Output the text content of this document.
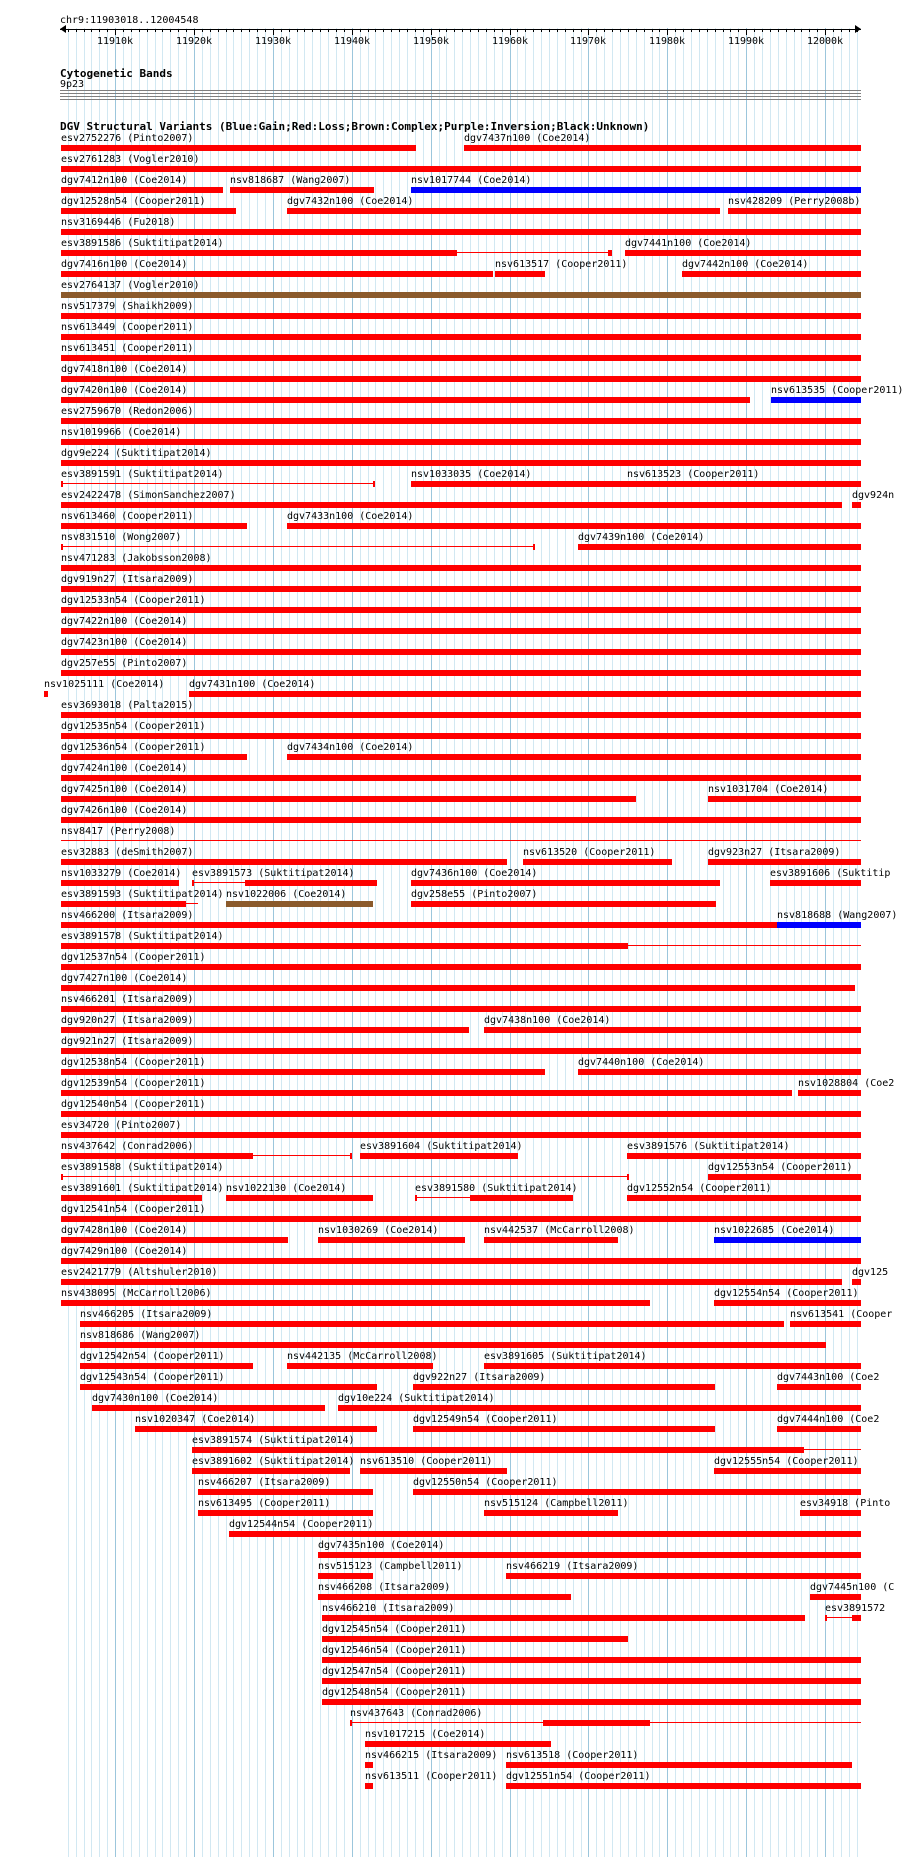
chr9:11903018..12004548
11910k	11920k	11930k	11940k	11950k	11960k	11970k	11980k	11990k	12000k
Cytogenetic Bands
9p23
DGV Structural Variants (Blue:Gain;Red:Loss;Brown:Complex;Purple:Inversion;Black:Unknown)
esv2752276 (Pinto2007)	dgv7437n100 (Coe2014)
esv2761283 (Vogler2010)
dgv7412n100 (Coe2014)	nsv818687 (Wang2007)	nsv1017744 (Coe2014)
dgv12528n54 (Cooper2011)	dgv7432n100 (Coe2014)	nsv428209 (Perry2008b)
nsv3169446 (Fu2018)
esv3891586 (Suktitipat2014)	dgv7441n100 (Coe2014)
dgv7416n100 (Coe2014)	nsv613517 (Cooper2011)	dgv7442n100 (Coe2014)
esv2764137 (Vogler2010)
nsv517379 (Shaikh2009)
nsv613449 (Cooper2011)
nsv613451 (Cooper2011)
dgv7418n100 (Coe2014)
dgv7420n100 (Coe2014)	nsv613535 (Cooper2011)
esv2759670 (Redon2006)
nsv1019966 (Coe2014)
dgv9e224 (Suktitipat2014)
esv3891591 (Suktitipat2014)	nsv1033035 (Coe2014)	nsv613523 (Cooper2011)
esv2422478 (SimonSanchez2007)	dgv924n
nsv613460 (Cooper2011)	dgv7433n100 (Coe2014)
nsv831510 (Wong2007)	dgv7439n100 (Coe2014)
nsv471283 (Jakobsson2008)
dgv919n27 (Itsara2009)
dgv12533n54 (Cooper2011)
dgv7422n100 (Coe2014)
dgv7423n100 (Coe2014)
dgv257e55 (Pinto2007)
nsv1025111 (Coe2014) dgv7431n100 (Coe2014)
esv3693018 (Palta2015)
dgv12535n54 (Cooper2011)
dgv12536n54 (Cooper2011)	dgv7434n100 (Coe2014)
dgv7424n100 (Coe2014)
dgv7425n100 (Coe2014)	nsv1031704 (Coe2014)
dgv7426n100 (Coe2014)
nsv8417 (Perry2008)
esv32883 (deSmith2007)	nsv613520 (Cooper2011)	dgv923n27 (Itsara2009)
nsv1033279 (Coe2014) esv3891573 (Suktitipat2014)	dgv7436n100 (Coe2014)	esv3891606 (Suktitip
esv3891593 (Suktitipat2014) nsv1022006 (Coe2014)	dgv258e55 (Pinto2007)
nsv466200 (Itsara2009)	nsv818688 (Wang2007)
esv3891578 (Suktitipat2014)
dgv12537n54 (Cooper2011)
dgv7427n100 (Coe2014)
nsv466201 (Itsara2009)
dgv920n27 (Itsara2009)	dgv7438n100 (Coe2014)
dgv921n27 (Itsara2009)
dgv12538n54 (Cooper2011)	dgv7440n100 (Coe2014)
dgv12539n54 (Cooper2011)	nsv1028804 (Coe2
dgv12540n54 (Cooper2011)
esv34720 (Pinto2007)
nsv437642 (Conrad2006)	esv3891604 (Suktitipat2014)	esv3891576 (Suktitipat2014)
esv3891588 (Suktitipat2014)	dgv12553n54 (Cooper2011)
esv3891601 (Suktitipat2014) nsv1022130 (Coe2014)	esv3891580 (Suktitipat2014)	dgv12552n54 (Cooper2011)
dgv12541n54 (Cooper2011)
dgv7428n100 (Coe2014)	nsv1030269 (Coe2014)	nsv442537 (McCarroll2008)	nsv1022685 (Coe2014)
dgv7429n100 (Coe2014)
esv2421779 (Altshuler2010)	dgv125
nsv438095 (McCarroll2006)	dgv12554n54 (Cooper2011)
nsv466205 (Itsara2009)	nsv613541 (Cooper
nsv818686 (Wang2007)
dgv12542n54 (Cooper2011)	nsv442135 (McCarroll2008)	esv3891605 (Suktitipat2014)
dgv12543n54 (Cooper2011)	dgv922n27 (Itsara2009)	dgv7443n100 (Coe2
dgv7430n100 (Coe2014)	dgv10e224 (Suktitipat2014)
nsv1020347 (Coe2014)	dgv12549n54 (Cooper2011)	dgv7444n100 (Coe2
esv3891574 (Suktitipat2014)
esv3891602 (Suktitipat2014) nsv613510 (Cooper2011)	dgv12555n54 (Cooper2011)
nsv466207 (Itsara2009)	dgv12550n54 (Cooper2011)
nsv613495 (Cooper2011)	nsv515124 (Campbell2011)	esv34918 (Pinto
dgv12544n54 (Cooper2011)
dgv7435n100 (Coe2014)
nsv515123 (Campbell2011)	nsv466219 (Itsara2009)
nsv466208 (Itsara2009)	dgv7445n100 (C
nsv466210 (Itsara2009)	esv3891572
dgv12545n54 (Cooper2011)
dgv12546n54 (Cooper2011)
dgv12547n54 (Cooper2011)
dgv12548n54 (Cooper2011)
nsv437643 (Conrad2006)
nsv1017215 (Coe2014)
nsv466215 (Itsara2009) nsv613518 (Cooper2011)
nsv613511 (Cooper2011) dgv12551n54 (Cooper2011)
